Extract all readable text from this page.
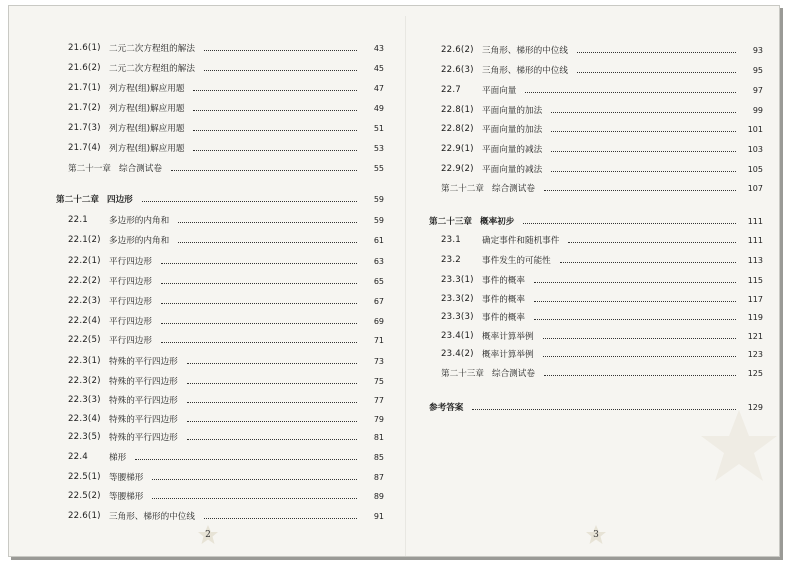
21.6(1) 二元二次方程组的解法	43
21.6(2) 二元二次方程组的解法	45
21.7(1) 列方程(组)解应用题	47
21.7(2) 列方程(组)解应用题	49
21.7(3) 列方程(组)解应用题	51
21.7(4) 列方程(组)解应用题	53
第二十一章 综合测试卷	55
第二十二章 四边形	59
22.1	多边形的内角和	59
22.1(2) 多边形的内角和	61
22.2(1) 平行四边形	63
22.2(2) 平行四边形	65
22.2(3) 平行四边形	67
22.2(4) 平行四边形	69
22.2(5) 平行四边形	71
22.3(1) 特殊的平行四边形	73
22.3(2) 特殊的平行四边形	75
22.3(3) 特殊的平行四边形	77
22.3(4) 特殊的平行四边形	79
22.3(5) 特殊的平行四边形	81
22.4	梯形	85
22.5(1) 等腰梯形	87
22.5(2) 等腰梯形	89
22.6(1) 三角形、梯形的中位线	91
22.6(2) 三角形、梯形的中位线	93
22.6(3) 三角形、梯形的中位线	95
22.7	平面向量	97
22.8(1) 平面向量的加法	99
22.8(2) 平面向量的加法	101
22.9(1) 平面向量的减法	103
22.9(2) 平面向量的减法	105
第二十二章 综合测试卷	107
第二十三章 概率初步	111
23.1	确定事件和随机事件	111
23.2	事件发生的可能性	113
23.3(1) 事件的概率	115
23.3(2) 事件的概率	117
23.3(3) 事件的概率	119
23.4(1) 概率计算举例	121
23.4(2) 概率计算举例	123
第二十三章 综合测试卷	125
参考答案	129
2	3
